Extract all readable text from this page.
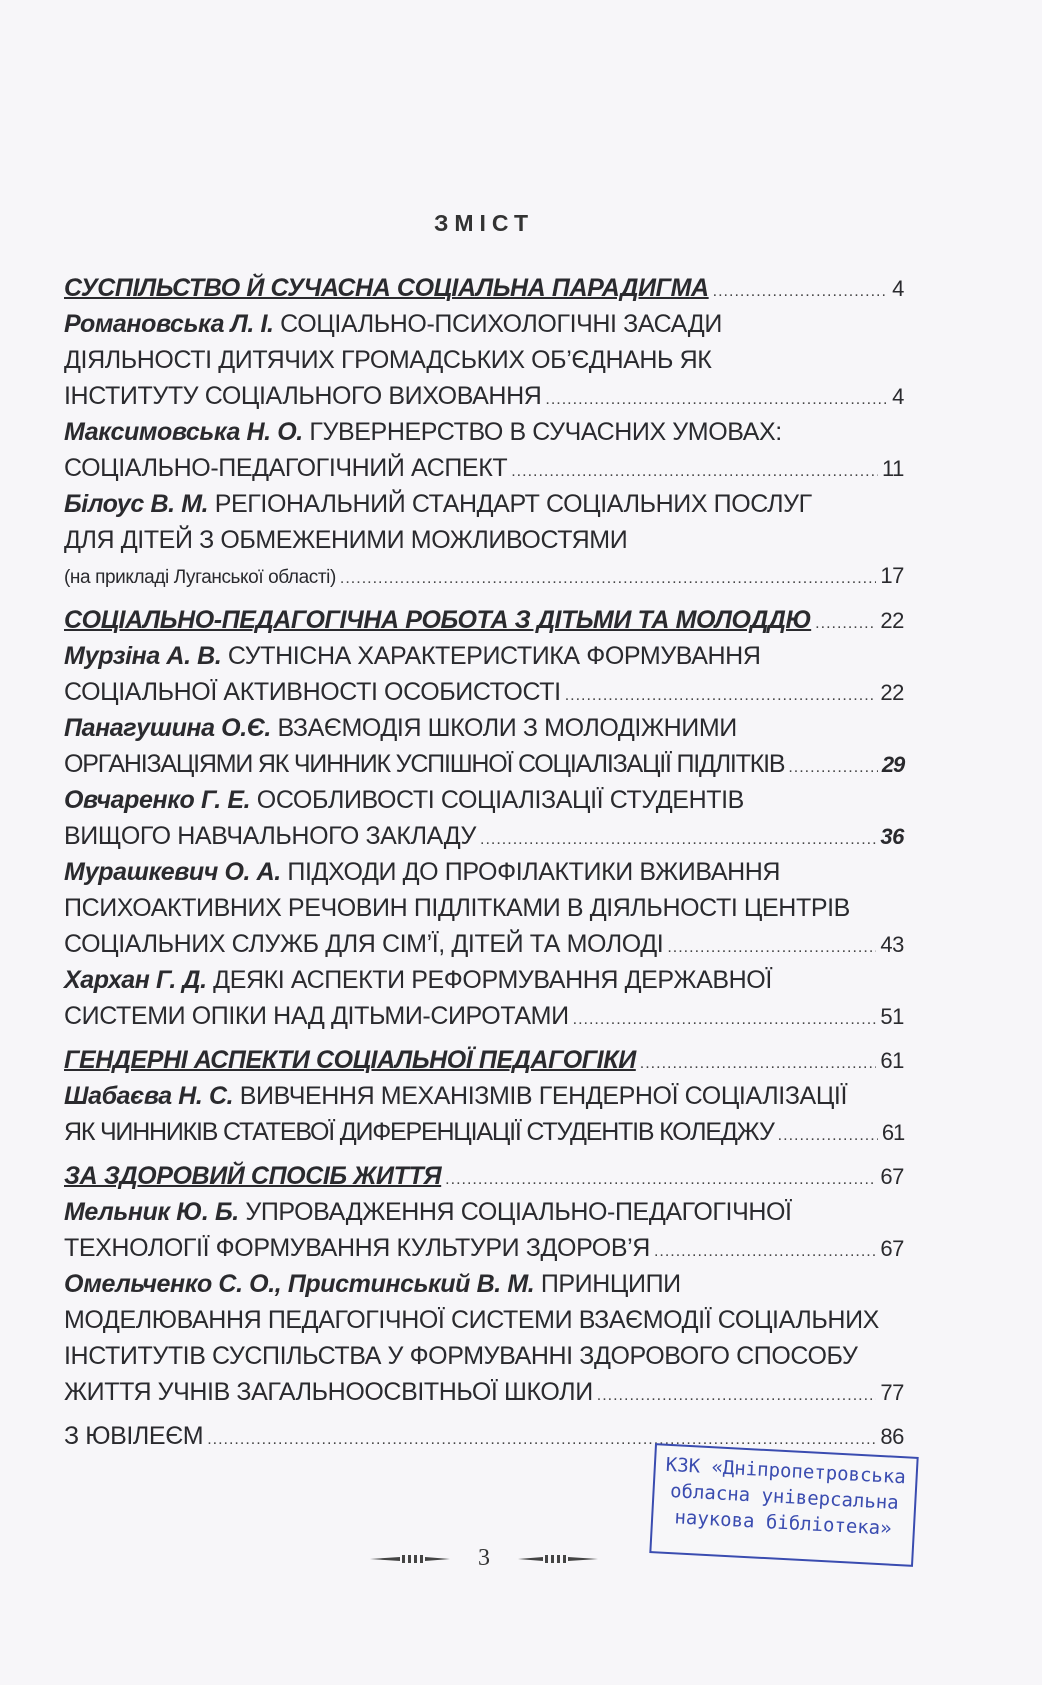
ЗМІСТ
СУСПІЛЬСТВО Й СУЧАСНА СОЦІАЛЬНА ПАРАДИГМА .....	4
Романовська Л. І. СОЦІАЛЬНО-ПСИХОЛОГІЧНІ ЗАСАДИ
ДІЯЛЬНОСТІ ДИТЯЧИХ ГРОМАДСЬКИХ ОБ’ЄДНАНЬ ЯК
ІНСТИТУТУ СОЦІАЛЬНОГО ВИХОВАННЯ .....	4
Максимовська Н. О. ГУВЕРНЕРСТВО В СУЧАСНИХ УМОВАХ:
СОЦІАЛЬНО-ПЕДАГОГІЧНИЙ АСПЕКТ .....	11
Білоус В. М. РЕГІОНАЛЬНИЙ СТАНДАРТ СОЦІАЛЬНИХ ПОСЛУГ
ДЛЯ ДІТЕЙ З ОБМЕЖЕНИМИ МОЖЛИВОСТЯМИ
(на прикладі Луганської області) .....	17
СОЦІАЛЬНО-ПЕДАГОГІЧНА РОБОТА З ДІТЬМИ ТА МОЛОДДЮ .....	22
Мурзіна А. В. СУТНІСНА ХАРАКТЕРИСТИКА ФОРМУВАННЯ
СОЦІАЛЬНОЇ АКТИВНОСТІ ОСОБИСТОСТІ .....	22
Панагушина О.Є. ВЗАЄМОДІЯ ШКОЛИ З МОЛОДІЖНИМИ
ОРГАНІЗАЦІЯМИ ЯК ЧИННИК УСПІШНОЇ СОЦІАЛІЗАЦІЇ ПІДЛІТКІВ .....	29
Овчаренко Г. Е. ОСОБЛИВОСТІ СОЦІАЛІЗАЦІЇ СТУДЕНТІВ
ВИЩОГО НАВЧАЛЬНОГО ЗАКЛАДУ .....	36
Мурашкевич О. А. ПІДХОДИ ДО ПРОФІЛАКТИКИ ВЖИВАННЯ
ПСИХОАКТИВНИХ РЕЧОВИН ПІДЛІТКАМИ В ДІЯЛЬНОСТІ ЦЕНТРІВ
СОЦІАЛЬНИХ СЛУЖБ ДЛЯ СІМ’Ї, ДІТЕЙ ТА МОЛОДІ .....	43
Хархан Г. Д. ДЕЯКІ АСПЕКТИ РЕФОРМУВАННЯ ДЕРЖАВНОЇ
СИСТЕМИ ОПІКИ НАД ДІТЬМИ-СИРОТАМИ .....	51
ГЕНДЕРНІ АСПЕКТИ СОЦІАЛЬНОЇ ПЕДАГОГІКИ .....	61
Шабаєва Н. С. ВИВЧЕННЯ МЕХАНІЗМІВ ГЕНДЕРНОЇ СОЦІАЛІЗАЦІЇ
ЯК ЧИННИКІВ СТАТЕВОЇ ДИФЕРЕНЦІАЦІЇ СТУДЕНТІВ КОЛЕДЖУ .....	61
ЗА ЗДОРОВИЙ СПОСІБ ЖИТТЯ .....	67
Мельник Ю. Б. УПРОВАДЖЕННЯ СОЦІАЛЬНО-ПЕДАГОГІЧНОЇ
ТЕХНОЛОГІЇ ФОРМУВАННЯ КУЛЬТУРИ ЗДОРОВ’Я .....	67
Омельченко С. О., Пристинський В. М. ПРИНЦИПИ
МОДЕЛЮВАННЯ ПЕДАГОГІЧНОЇ СИСТЕМИ ВЗАЄМОДІЇ СОЦІАЛЬНИХ
ІНСТИТУТІВ СУСПІЛЬСТВА У ФОРМУВАННІ ЗДОРОВОГО СПОСОБУ
ЖИТТЯ УЧНІВ ЗАГАЛЬНООСВІТНЬОЇ ШКОЛИ .....	77
З ЮВІЛЕЄМ .....	86
КЗК «Дніпропетровська
обласна універсальна
наукова бібліотека»
3
